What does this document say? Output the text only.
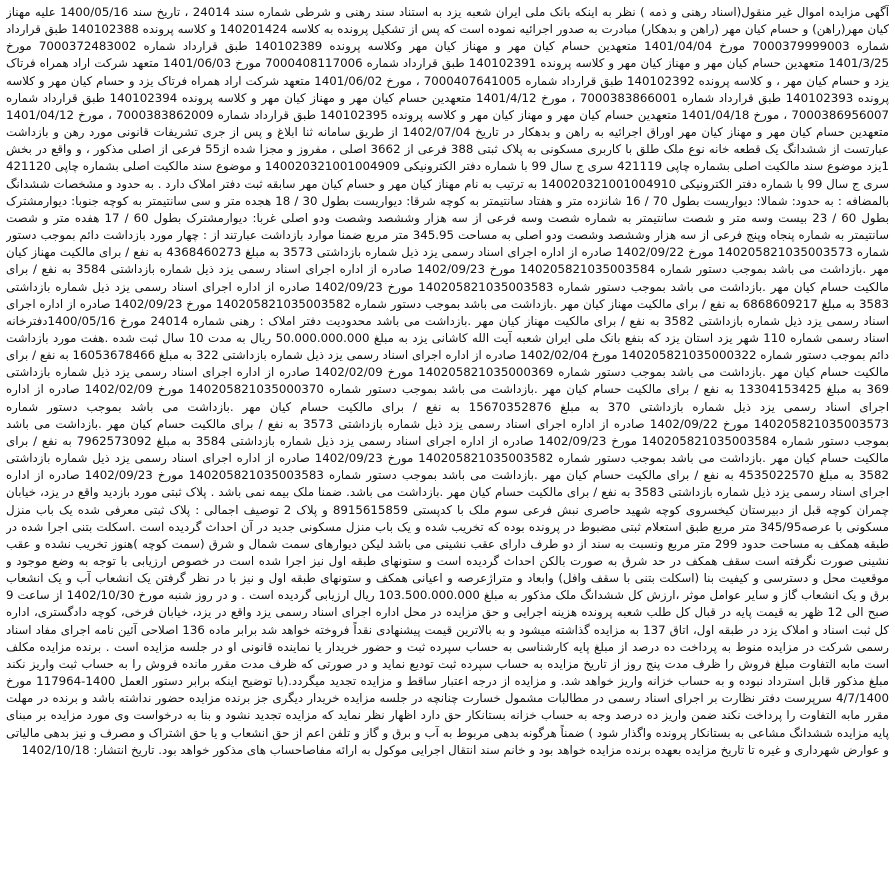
آگهی مزایده اموال غیر منقول(اسناد رهنی و ذمه ) نظر به اینکه بانک ملی ایران شعبه یزد به استناد سند رهنی و شرطی شماره سند 24014 ، تاریخ سند 1400/05/16 علیه مهناز کیان مهر(راهن) و حسام کیان مهر (راهن و بدهکار) مبادرت به صدور اجرائیه نموده است که پس از تشکیل پرونده به کلاسه 140201424 و کلاسه پرونده 140102388 طبق قرارداد شماره 7000379999003 مورخ 1401/04/04 متعهدین حسام کیان مهر و مهناز کیان مهر وکلاسه پرونده 140102389 طبق قرارداد شماره 7000372483002 مورخ 1401/3/25 متعهدین حسام کیان مهر و مهناز کیان مهر و کلاسه پرونده 140102391 طبق قرارداد شماره 7000408117006 مورخ 1401/06/03 متعهد شرکت اراد همراه فرتاک یزد و حسام کیان مهر ، و کلاسه پرونده 140102392 طبق قرارداد شماره 7000407641005 ، مورخ 1401/06/02 متعهد شرکت اراد همراه فرتاک یزد و حسام کیان مهر و کلاسه پرونده 140102393 طبق قرارداد شماره 7000383866001 ، مورخ 1401/4/12 متعهدین حسام کیان مهر و مهناز کیان مهر و کلاسه پرونده 140102394 طبق قرارداد شماره 7000386956007 ، مورخ 1401/04/18 متعهدین حسام کیان مهر و مهناز کیان مهر و کلاسه پرونده 140102395 طبق قرارداد شماره 7000383862009 ، مورخ 1401/04/12 متعهدین حسام کیان مهر و مهناز کیان مهر اوراق اجرائیه به راهن و بدهکار در تاریخ 1402/07/04 از طریق سامانه ثنا ابلاغ و پس از جری تشریفات قانونی مورد رهن و بازداشت عبارتست از ششدانگ یک قطعه خانه نوع ملک طلق با کاربری مسکونی به پلاک ثبتی 388 فرعی از 3662 اصلی ، مفروز و مجزا شده از55 فرعی از اصلی مذکور ، و واقع در بخش 1یزد موضوع سند مالکیت اصلی بشماره چاپی 421119 سری ج سال 99 با شماره دفتر الکترونیکی 140020321001004909 و موضوع سند مالکیت اصلی بشماره چاپی 421120 سری ج سال 99 با شماره دفتر الکترونیکی 140020321001004910 به ترتیب به نام مهناز کیان مهر و حسام کیان مهر سابقه ثبت دفتر املاک دارد . به حدود و مشخصات ششدانگ بالمضافه : به حدود: شمالا: دیواریست بطول 70 / 16 شانزده متر و هفتاد سانتیمتر به کوچه شرقا: دیواریست بطول 30 / 18 هجده متر و سی سانتیمتر به کوچه جنوبا: دیوارمشترک بطول 60 / 23 بیست وسه متر و شصت سانتیمتر به شماره شصت وسه فرعی از سه هزار وششصد وشصت ودو اصلی غربا: دیوارمشترک بطول 60 / 17 هفده متر و شصت سانتیمتر به شماره پنجاه وپنج فرعی از سه هزار وششصد وشصت ودو اصلی به مساحت 345.95 متر مربع ضمنا موارد بازداشت عبارتند از : چهار مورد بازداشت دائم بموجب دستور شماره 140205821035003573 مورخ 1402/09/22 صادره از اداره اجرای اسناد رسمی یزد ذیل شماره بازداشتی 3573 به مبلغ 4368460273 به نفع / برای مالکیت مهناز کیان مهر .بازداشت می باشد بموجب دستور شماره 140205821035003584 مورخ 1402/09/23 صادره از اداره اجرای اسناد رسمی یزد ذیل شماره بازداشتی 3584 به نفع / برای مالکیت حسام کیان مهر .بازداشت می باشد بموجب دستور شماره 140205821035003583 مورخ 1402/09/23 صادره از اداره اجرای اسناد رسمی یزد ذیل شماره بازداشتی 3583 به مبلغ 6868609217 به نفع / برای مالکیت مهناز کیان مهر .بازداشت می باشد بموجب دستور شماره 140205821035003582 مورخ 1402/09/23 صادره از اداره اجرای اسناد رسمی یزد ذیل شماره بازداشتی 3582 به نفع / برای مالکیت مهناز کیان مهر .بازداشت می باشد محدودیت دفتر املاک : رهنی شماره 24014 مورخ 1400/05/16دفترخانه اسناد رسمی شماره 110 شهر یزد استان یزد که بنفع بانک ملی ایران شعبه آیت الله کاشانی یزد به مبلغ 50.000.000.000 ریال به مدت 10 سال ثبت شده .هفت مورد بازداشت دائم بموجب دستور شماره 140205821035000322 مورخ 1402/02/04 صادره از اداره اجرای اسناد رسمی یزد ذیل شماره بازداشتی 322 به مبلغ 16053678466 به نفع / برای مالکیت حسام کیان مهر .بازداشت می باشد بموجب دستور شماره 140205821035000369 مورخ 1402/02/09 صادره از اداره اجرای اسناد رسمی یزد ذیل شماره بازداشتی 369 به مبلغ 13304153425 به نفع / برای مالکیت حسام کیان مهر .بازداشت می باشد بموجب دستور شماره 140205821035000370 مورخ 1402/02/09 صادره از اداره اجرای اسناد رسمی یزد ذیل شماره بازداشتی 370 به مبلغ 15670352876 به نفع / برای مالکیت حسام کیان مهر .بازداشت می باشد بموجب دستور شماره 140205821035003573 مورخ 1402/09/22 صادره از اداره اجرای اسناد رسمی یزد ذیل شماره بازداشتی 3573 به نفع / برای مالکیت حسام کیان مهر .بازداشت می باشد بموجب دستور شماره 140205821035003584 مورخ 1402/09/23 صادره از اداره اجرای اسناد رسمی یزد ذیل شماره بازداشتی 3584 به مبلغ 7962573092 به نفع / برای مالکیت حسام کیان مهر .بازداشت می باشد بموجب دستور شماره 140205821035003582 مورخ 1402/09/23 صادره از اداره اجرای اسناد رسمی یزد ذیل شماره بازداشتی 3582 به مبلغ 4535022570 به نفع / برای مالکیت حسام کیان مهر .بازداشت می باشد بموجب دستور شماره 140205821035003583 مورخ 1402/09/23 صادره از اداره اجرای اسناد رسمی یزد ذیل شماره بازداشتی 3583 به نفع / برای مالکیت حسام کیان مهر .بازداشت می باشد. ضمنا ملک بیمه نمی باشد . پلاک ثبتی مورد بازدید واقع در یزد، خیابان چمران کوچه قبل از دبیرستان کیخسروی کوچه شهید حاصری نبش فرعی سوم ملک با کدپستی 8915615859 و پلاک 2 توصیف اجمالی : پلاک ثبتی معرفی شده یک باب منزل مسکونی با عرصه345/95 متر مربع طبق استعلام ثبتی مضبوط در پرونده بوده که تخریب شده و یک باب منزل مسکونی جدید در آن احداث گردیده است .اسکلت بتنی اجرا شده در طبقه همکف به مساحت حدود 299 متر مربع ونسبت به سند از دو طرف دارای عقب نشینی می باشد لیکن دیوارهای سمت شمال و شرق (سمت کوچه )هنوز تخریب نشده و عقب نشینی صورت نگرفته است سقف همکف در حد شرق به صورت بالکن احداث گردیده است و ستونهای طبقه اول نیز اجرا شده است در خصوص ارزیابی با توجه به وضع موجود و موقعیت محل و دسترسی و کیفیت بنا (اسکلت بتنی با سقف وافل) وابعاد و متراژعرصه و اعیانی همکف و ستونهای طبقه اول و نیز با در نظر گرفتن یک انشعاب آب و یک انشعاب برق و یک انشعاب گاز و سایر عوامل موثر ،ارزش کل ششدانگ ملک مذکور به مبلغ 103.500.000.000 ریال ارزیابی گردیده است . و در روز شنبه مورخ 1402/10/30 از ساعت 9 صبح الی 12 ظهر به قیمت پایه در قبال کل طلب شعبه پرونده هزینه اجرایی و حق مزایده در محل اداره اجرای اسناد رسمی یزد واقع در یزد، خیابان فرخی، کوچه دادگستری، اداره کل ثبت اسناد و املاک یزد در طبقه اول، اتاق 137 به مزایده گذاشته میشود و به بالاترین قیمت پیشنهادی نقداً فروخته خواهد شد برابر ماده 136 اصلاحی آئین نامه اجرای مفاد اسناد رسمی شرکت در مزایده منوط به پرداخت ده درصد از مبلغ پایه کارشناسی به حساب سپرده ثبت و حضور خریدار یا نماینده قانونی او در جلسه مزایده است . برنده مزایده مکلف است مابه التفاوت مبلغ فروش را ظرف مدت پنج روز از تاریخ مزایده به حساب سپرده ثبت تودیع نماید و در صورتی که ظرف مدت مقرر مانده فروش را به حساب ثبت واریز نکند مبلغ مذکور قابل استرداد نبوده و به حساب خزانه واریز خواهد شد. و مزایده از درجه اعتبار ساقط و مزایده تجدید میگردد.(با توضیح اینکه برابر دستور العمل 1400-117964 مورخ 4/7/1400 سرپرست دفتر نظارت بر اجرای اسناد رسمی در مطالبات مشمول خسارت چنانچه در جلسه مزایده خریدار دیگری جز برنده مزایده حضور نداشته باشد و برنده در مهلت مقرر مابه التفاوت را پرداخت نکند ضمن واریز ده درصد وجه به حساب خزانه بستانکار حق دارد اظهار نظر نماید که مزایده تجدید نشود و بنا به درخواست وی مورد مزایده بر مبنای پایه مزایده ششدانگ مشاعی به بستانکار پرونده واگذار شود ) ضمناً هرگونه بدهی مربوط به آب و برق و گاز و تلفن اعم از حق انشعاب و یا حق اشتراک و مصرف و نیز بدهی مالیاتی و عوارض شهرداری و غیره تا تاریخ مزایده بعهده برنده مزایده خواهد بود و خانم سند انتقال اجرایی موکول به ارائه مفاصاحساب های مذکور خواهد بود. تاریخ انتشار: 1402/10/18
